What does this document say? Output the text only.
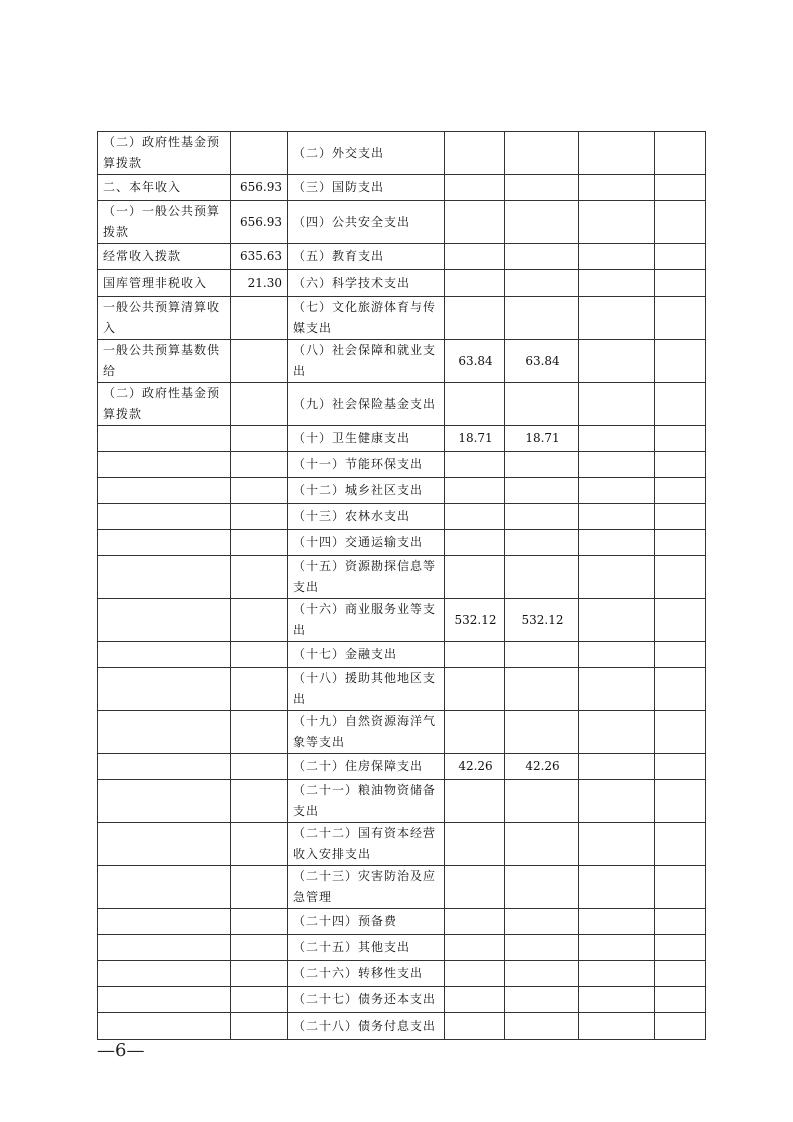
（二）政府性基金预算拨款		（二）外交支出				
二、本年收入	656.93	（三）国防支出				
（一）一般公共预算拨款	656.93	（四）公共安全支出				
经常收入拨款	635.63	（五）教育支出				
国库管理非税收入	21.30	（六）科学技术支出				
一般公共预算清算收入		（七）文化旅游体育与传媒支出				
一般公共预算基数供给		（八）社会保障和就业支出	63.84	63.84		
（二）政府性基金预算拨款		（九）社会保险基金支出				
		（十）卫生健康支出	18.71	18.71		
		（十一）节能环保支出				
		（十二）城乡社区支出				
		（十三）农林水支出				
		（十四）交通运输支出				
		（十五）资源勘探信息等支出				
		（十六）商业服务业等支出	532.12	532.12		
		（十七）金融支出				
		（十八）援助其他地区支出				
		（十九）自然资源海洋气象等支出				
		（二十）住房保障支出	42.26	42.26		
		（二十一）粮油物资储备支出				
		（二十二）国有资本经营收入安排支出				
		（二十三）灾害防治及应急管理				
		（二十四）预备费				
		（二十五）其他支出				
		（二十六）转移性支出				
		（二十七）债务还本支出				
		（二十八）债务付息支出				
—6—
